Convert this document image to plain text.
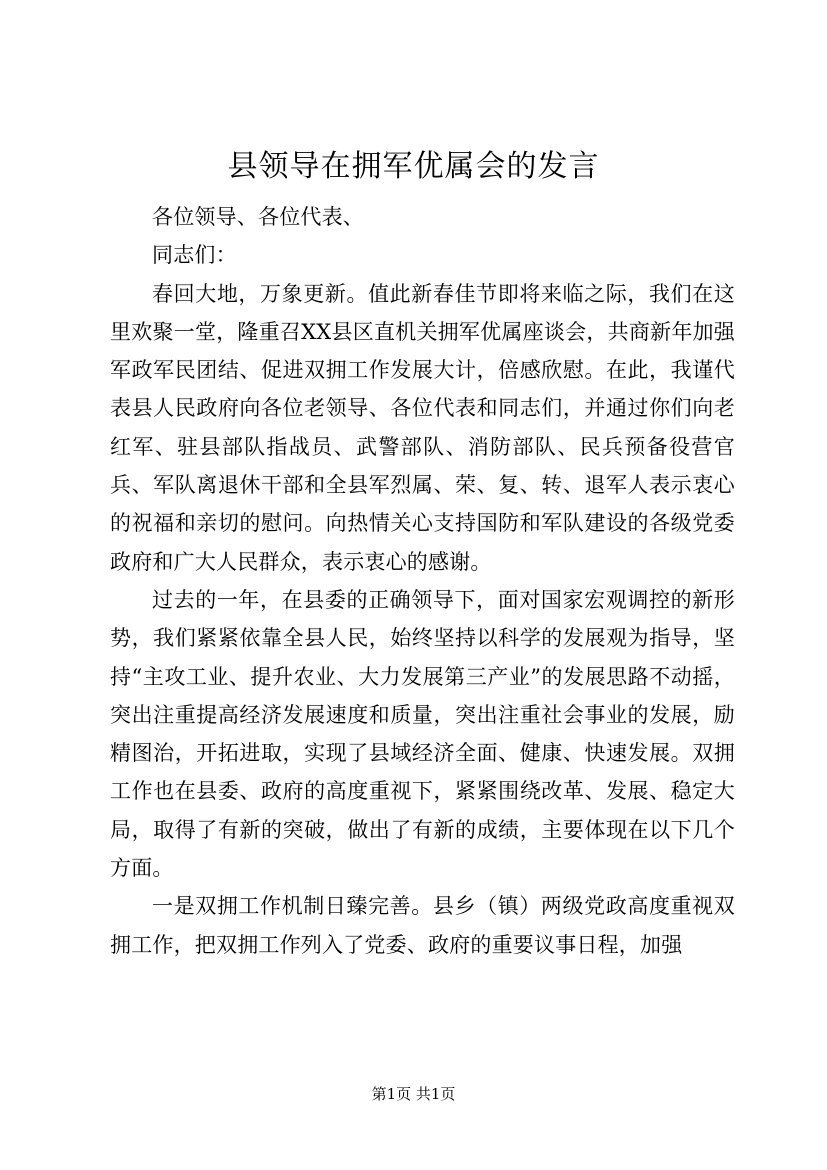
县领导在拥军优属会的发言

各位领导、各位代表、

同志们：

春回大地，万象更新。值此新春佳节即将来临之际，我们在这里欢聚一堂，隆重召XX县区直机关拥军优属座谈会，共商新年加强军政军民团结、促进双拥工作发展大计，倍感欣慰。在此，我谨代表县人民政府向各位老领导、各位代表和同志们，并通过你们向老红军、驻县部队指战员、武警部队、消防部队、民兵预备役营官兵、军队离退休干部和全县军烈属、荣、复、转、退军人表示衷心的祝福和亲切的慰问。向热情关心支持国防和军队建设的各级党委政府和广大人民群众，表示衷心的感谢。

过去的一年，在县委的正确领导下，面对国家宏观调控的新形势，我们紧紧依靠全县人民，始终坚持以科学的发展观为指导，坚持“主攻工业、提升农业、大力发展第三产业”的发展思路不动摇，突出注重提高经济发展速度和质量，突出注重社会事业的发展，励精图治，开拓进取，实现了县域经济全面、健康、快速发展。双拥工作也在县委、政府的高度重视下，紧紧围绕改革、发展、稳定大局，取得了有新的突破，做出了有新的成绩，主要体现在以下几个方面。

一是双拥工作机制日臻完善。县乡（镇）两级党政高度重视双拥工作，把双拥工作列入了党委、政府的重要议事日程，加强

第1页 共1页
